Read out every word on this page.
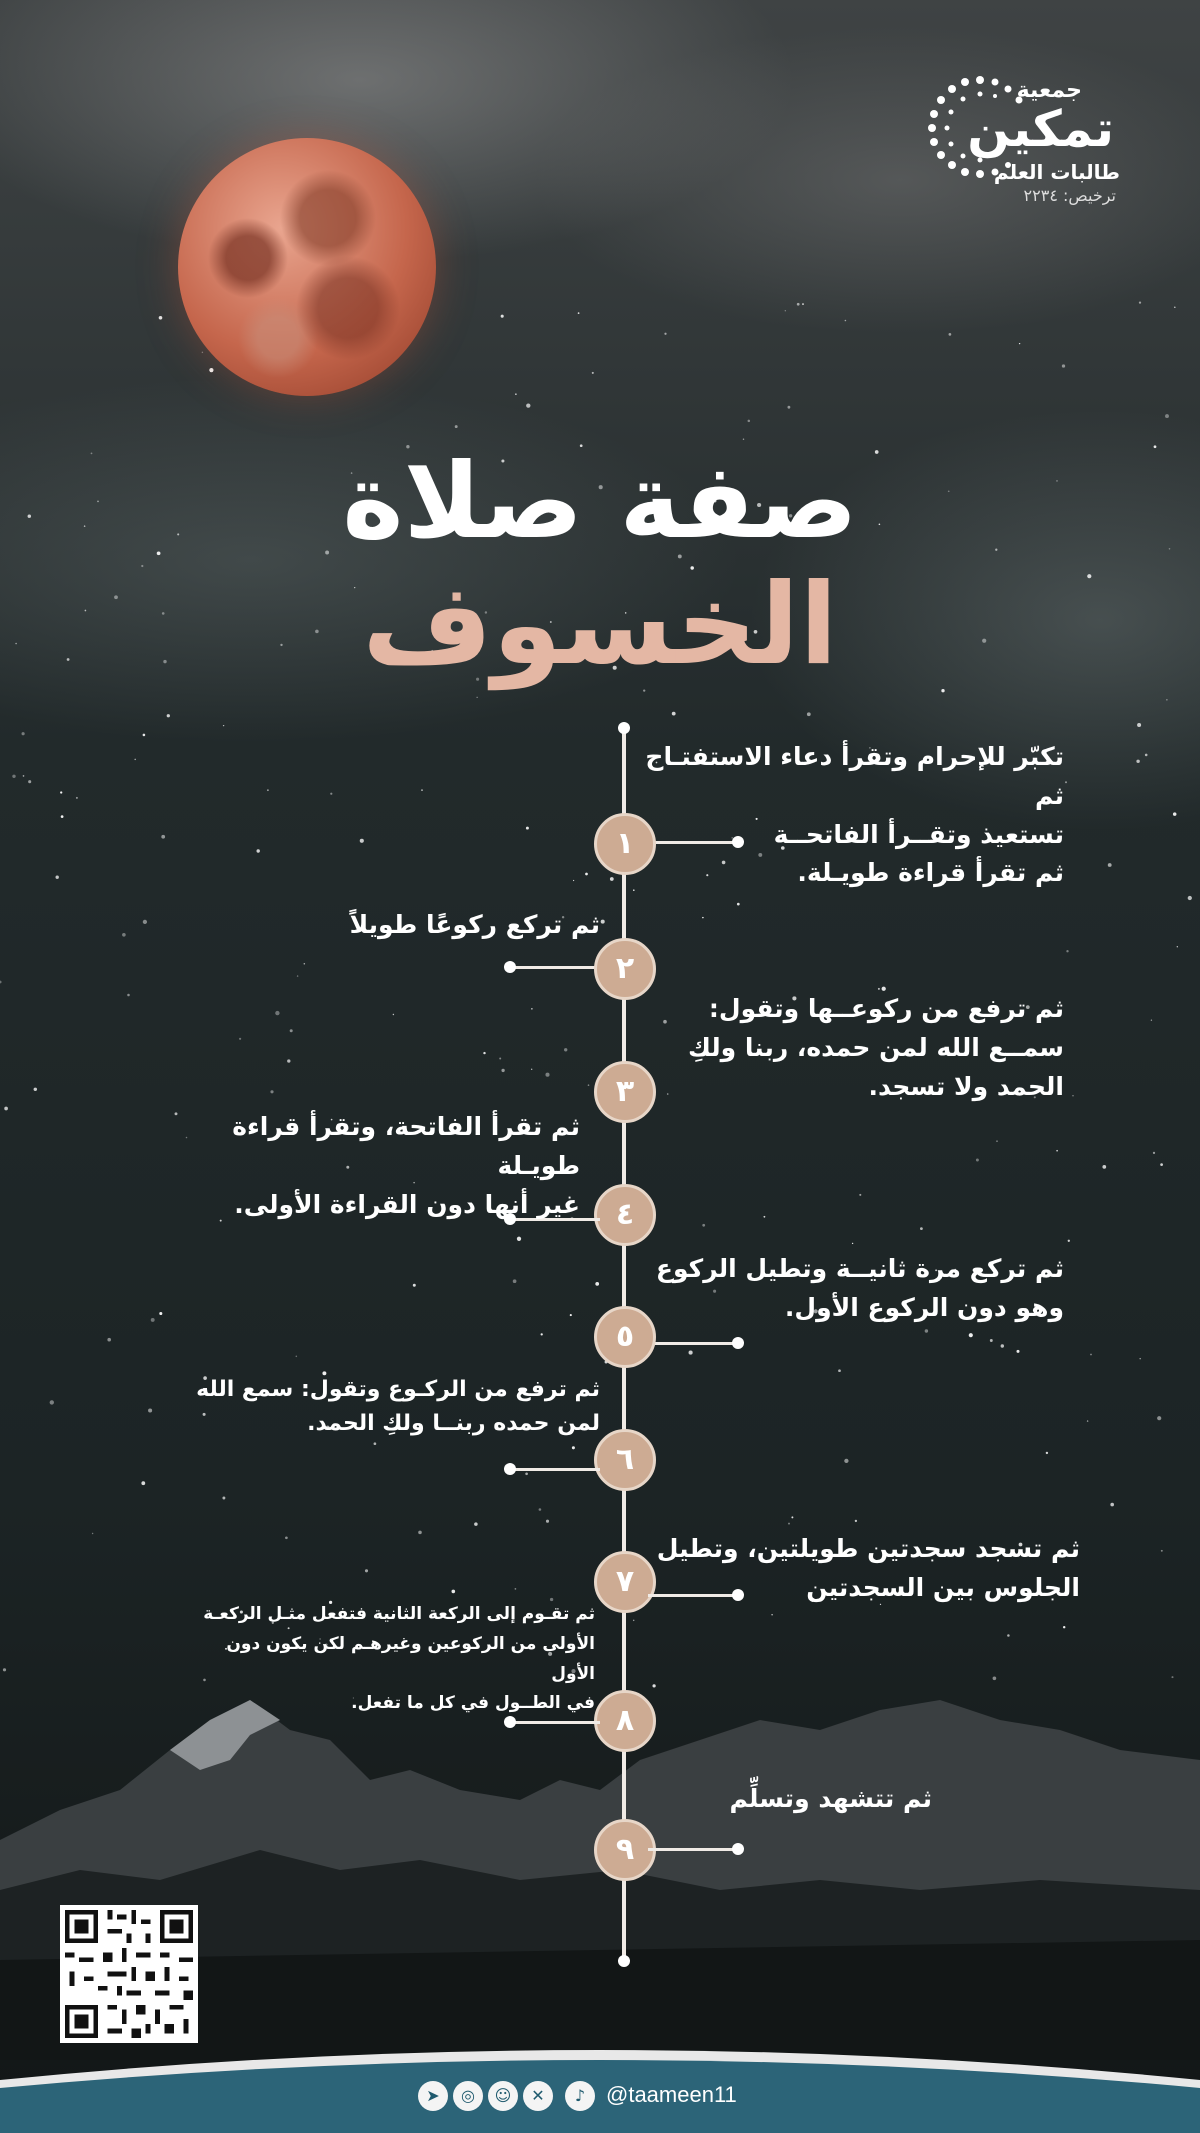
جمعية
تمكين
طالبات العلم
ترخيص: ٢٢٣٤
صفة صلاة
الخسوف
١
تكبّر للإحرام وتقرأ دعاء الاستفتـاح ثم
تستعيذ وتقــرأ الفاتحــة
ثم تقرأ قراءة طويـلة.
٢
ثم تركع ركوعًا طويلاً
٣
ثم ترفع من ركوعــها وتقول:
سمــع الله لمن حمده، ربنا ولكِ
الحمد ولا تسجد.
٤
ثم تقرأ الفاتحة، وتقرأ قراءة طويـلة
غير أنها دون القراءة الأولى.
٥
ثم تركع مرة ثانيــة وتطيل الركوع
وهو دون الركوع الأول.
٦
ثم ترفع من الركـوع وتقول: سمع الله
لمن حمده ربنــا ولكِ الحمد.
٧
ثم تسجد سجدتين طويلتين، وتطيل
الجلوس بين السجدتين
٨
ثم تقـوم إلى الركعة الثانية فتفعل مثـل الركعـة
الأولى من الركوعين وغيرهـم لكن يكون دون الأول
في الطــول في كل ما تفعل.
٩
ثم تتشهد وتسلِّم
➤	◎	☺	✕	♪ @taameen11
